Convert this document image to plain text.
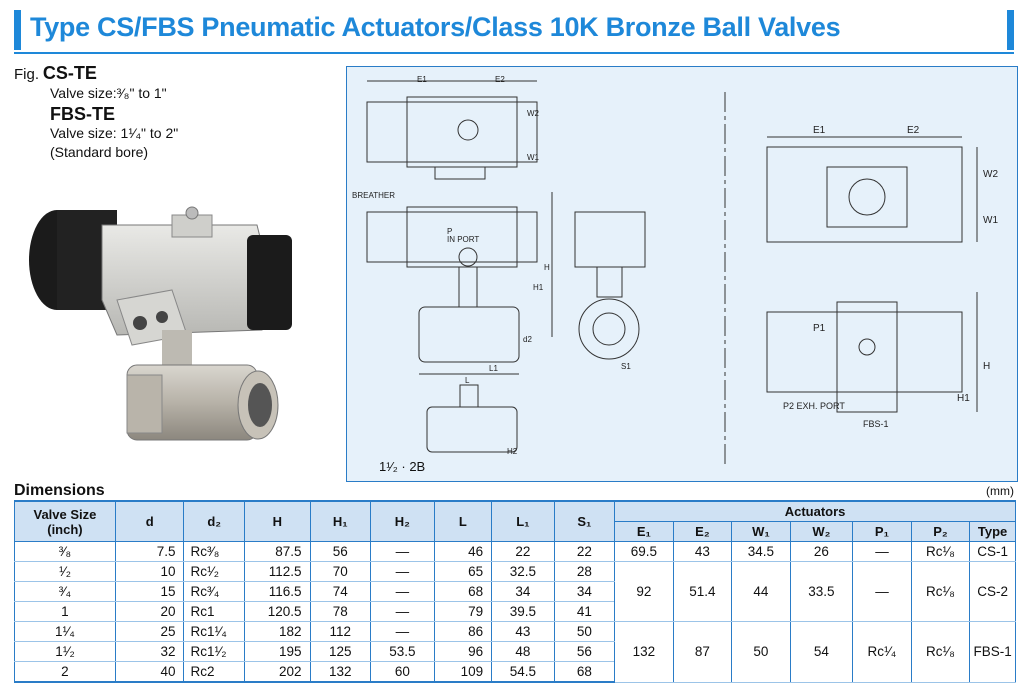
Type CS/FBS Pneumatic Actuators/Class 10K Bronze Ball Valves
Fig. CS-TE
Valve size:³⁄₈" to 1"
FBS-TE
Valve size: 1¹⁄₄" to 2"
(Standard bore)
BREATHER
IN PORT
P
E1	E2
W2
W1
H
H1
d2
L1
L
S1
H2
E1	E2
W2
W1
H
H1
P1
P2 EXH. PORT
FBS-1
1¹⁄₂ · 2B
Dimensions	(mm)
Valve Size (inch)	d	d₂	H	H₁	H₂	L	L₁	S₁	Actuators						
									E₁	E₂	W₁	W₂	P₁	P₂	Type
³⁄₈	7.5	Rc³⁄₈	87.5	56	—	46	22	22	69.5	43	34.5	26	—	Rc¹⁄₈	CS-1
¹⁄₂	10	Rc¹⁄₂	112.5	70	—	65	32.5	28	92	51.4	44	33.5	—	Rc¹⁄₈	CS-2
³⁄₄	15	Rc³⁄₄	116.5	74	—	68	34	34							
1	20	Rc1	120.5	78	—	79	39.5	41							
1¹⁄₄	25	Rc1¹⁄₄	182	112	—	86	43	50	132	87	50	54	Rc¹⁄₄	Rc¹⁄₈	FBS-1
1¹⁄₂	32	Rc1¹⁄₂	195	125	53.5	96	48	56							
2	40	Rc2	202	132	60	109	54.5	68							
